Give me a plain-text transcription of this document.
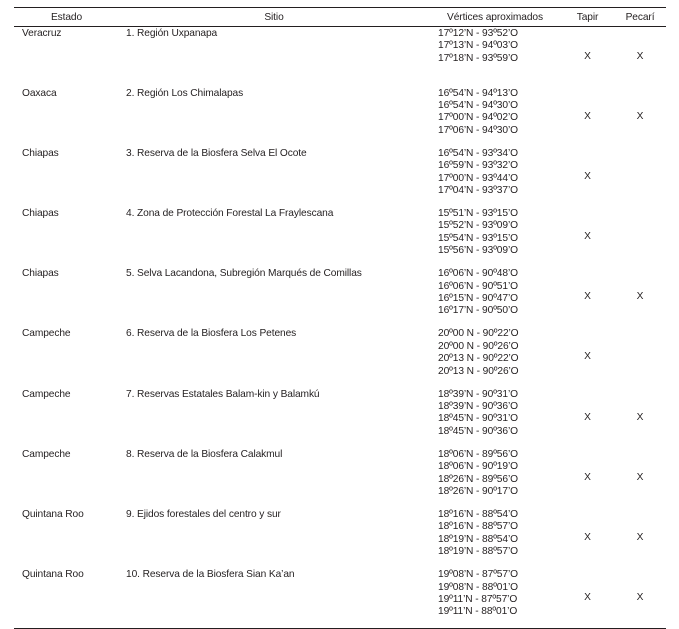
Estado	Sitio	Vértices aproximados	Tapir	Pecarí
Veracruz	1. Región Uxpanapa	17º12’N - 93º52’O
17º13’N - 94º03’O
17º18’N - 93º59’O	X	X
Oaxaca	2. Región Los Chimalapas	16º54’N - 94º13’O
16º54’N - 94º30’O
17º00’N - 94º02’O
17º06’N - 94º30’O	X	X
Chiapas	3. Reserva de la Biosfera Selva El Ocote	16º54’N - 93º34’O
16º59’N - 93º32’O
17º00’N - 93º44’O
17º04’N - 93º37’O	X	
Chiapas	4. Zona de Protección Forestal La Fraylescana	15º51’N - 93º15’O
15º52’N - 93º09’O
15º54’N - 93º15’O
15º56’N - 93º09’O	X	
Chiapas	5. Selva Lacandona, Subregión Marqués de Comillas	16º06’N - 90º48’O
16º06’N - 90º51’O
16º15’N - 90º47’O
16º17’N - 90º50’O	X	X
Campeche	6. Reserva de la Biosfera Los Petenes	20º00 N - 90º22’O
20º00 N - 90º26’O
20º13 N - 90º22’O
20º13 N - 90º26’O	X	
Campeche	7. Reservas Estatales Balam-kin y Balamkú	18º39’N - 90º31’O
18º39’N - 90º36’O
18º45’N - 90º31’O
18º45’N - 90º36’O	X	X
Campeche	8. Reserva de la Biosfera Calakmul	18º06’N - 89º56’O
18º06’N - 90º19’O
18º26’N - 89º56’O
18º26’N - 90º17’O	X	X
Quintana Roo	9. Ejidos forestales del centro y sur	18º16’N - 88º54’O
18º16’N - 88º57’O
18º19’N - 88º54’O
18º19’N - 88º57’O	X	X
Quintana Roo	10. Reserva de la Biosfera Sian Ka’an	19º08’N - 87º57’O
19º08’N - 88º01’O
19º11’N - 87º57’O
19º11’N - 88º01’O	X	X
